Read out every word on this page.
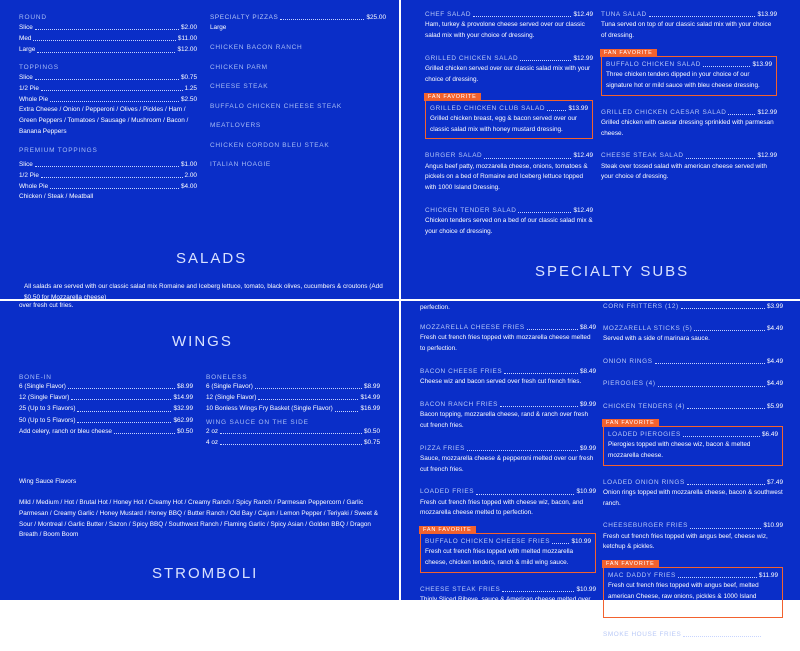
ROUND
Slice	$2.00
Med	$11.00
Large	$12.00
TOPPINGS
Slice	$0.75
1/2 Pie	1.25
Whole Pie	$2.50
Extra Cheese / Onion / Pepperoni / Olives / Pickles / Ham / Green Peppers / Tomatoes / Sausage / Mushroom / Bacon / Banana Peppers
PREMIUM TOPPINGS
Slice	$1.00
1/2 Pie	2.00
Whole Pie	$4.00
Chicken / Steak / Meatball
SPECIALTY PIZZAS	$25.00
Large
CHICKEN BACON RANCH
CHICKEN PARM
CHEESE STEAK
BUFFALO CHICKEN CHEESE STEAK
MEATLOVERS
CHICKEN CORDON BLEU STEAK
ITALIAN HOAGIE
SALADS
All salads are served with our classic salad mix Romaine and Iceberg lettuce, tomato, black olives, cucumbers & croutons (Add $0.50 for Mozzarella cheese)
CHEF SALAD	$12.49
Ham, turkey & provolone cheese served over our classic salad mix with your choice of dressing.
GRILLED CHICKEN SALAD	$12.99
Grilled chicken served over our classic salad mix with your choice of dressing.
FAN FAVORITE
GRILLED CHICKEN CLUB SALAD	$13.99
Grilled chicken breast, egg & bacon served over our classic salad mix with honey mustard dressing.
BURGER SALAD	$12.49
Angus beef patty, mozzarella cheese, onions, tomatoes & pickels on a bed of Romaine and Iceberg lettuce topped with 1000 Island Dressing.
CHICKEN TENDER SALAD	$12.49
Chicken tenders served on a bed of our classic salad mix & your choice of dressing.
TUNA SALAD	$13.99
Tuna served on top of our classic salad mix with your choice of dressing.
FAN FAVORITE
BUFFALO CHICKEN SALAD	$13.99
Three chicken tenders dipped in your choice of our signature hot or mild sauce with bleu cheese dressing.
GRILLED CHICKEN CAESAR SALAD	$12.99
Grilled chicken with caesar dressing sprinkled with parmesan cheese.
CHEESE STEAK SALAD	$12.99
Steak over tossed salad with american cheese served with your choice of dressing.
SPECIALTY SUBS
over fresh cut fries.
WINGS
BONE-IN
6 (Single Flavor)	$8.99
12 (Single Flavor)	$14.99
25 (Up to 3 Flavors)	$32.99
50 (Up to 5 Flavors)	$62.99
Add celery, ranch or bleu cheese	$0.50
BONELESS
6 (Single Flavor)	$8.99
12 (Single Flavor)	$14.99
10 Bonless Wings Fry Basket (Single Flavor)	$16.99
WING SAUCE ON THE SIDE
2 oz	$0.50
4 oz	$0.75
Wing Sauce Flavors
Mild / Medium / Hot / Brutal Hot / Honey Hot / Creamy Hot / Creamy Ranch / Spicy Ranch / Parmesan Peppercorn / Garlic Parmesan / Creamy Garlic / Honey Mustard / Honey BBQ / Butter Ranch / Old Bay / Cajun / Lemon Pepper / Teriyaki / Sweet & Sour / Montreal / Garlic Butter / Sazon / Spicy BBQ / Southwest Ranch / Flaming Garlic / Spicy Asian / Golden BBQ / Dragon Breath / Boom Boom
STROMBOLI
perfection.
MOZZARELLA CHEESE FRIES	$8.49
Fresh cut french fries topped with mozzarella cheese melted to perfection.
BACON CHEESE FRIES	$8.49
Cheese wiz and bacon served over fresh cut french fries.
BACON RANCH FRIES	$9.99
Bacon topping, mozzarella cheese, rand & ranch over fresh cut french fries.
PIZZA FRIES	$9.99
Sauce, mozzarella cheese & pepperoni melted over our fresh cut french fries.
LOADED FRIES	$10.99
Fresh cut french fries topped with cheese wiz, bacon, and mozzarella cheese melted to perfection.
FAN FAVORITE
BUFFALO CHICKEN CHEESE FRIES	$10.99
Fresh cut french fries topped with melted mozzarella cheese, chicken tenders, ranch & mild wing sauce.
CHEESE STEAK FRIES	$10.99
Thinly Sliced Ribeye, sauce & American cheese melted over fresh cut french fries.
CORN FRITTERS (12)	$3.99
MOZZARELLA STICKS (5)	$4.49
Served with a side of marinara sauce.
ONION RINGS	$4.49
PIEROGIES (4)	$4.49
CHICKEN TENDERS (4)	$5.99
FAN FAVORITE
LOADED PIEROGIES	$6.49
Pierogies topped with cheese wiz, bacon & melted mozzarella cheese.
LOADED ONION RINGS	$7.49
Onion rings topped with mozzarella cheese, bacon & southwest ranch.
CHEESEBURGER FRIES	$10.99
Fresh cut french fries topped with angus beef, cheese wiz, ketchup & pickles.
FAN FAVORITE
MAC DADDY FRIES	$11.99
Fresh cut french fries topped with angus beef, melted american Cheese, raw onions, pickles & 1000 Island dressing.
SMOKE HOUSE FRIES	$10.99
